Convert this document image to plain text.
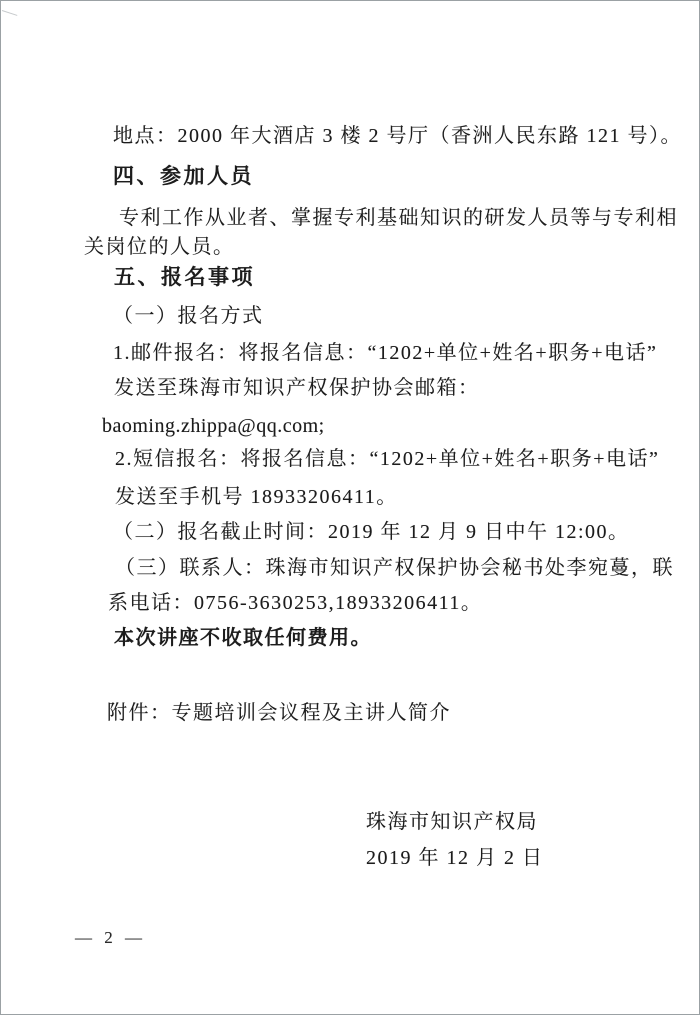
地点：2000 年大酒店 3 楼 2 号厅（香洲人民东路 121 号）。
四、参加人员
专利工作从业者、掌握专利基础知识的研发人员等与专利相
关岗位的人员。
五、报名事项
（一）报名方式
1.邮件报名：将报名信息：“1202+单位+姓名+职务+电话”
发送至珠海市知识产权保护协会邮箱：
baoming.zhippa@qq.com;
2.短信报名：将报名信息：“1202+单位+姓名+职务+电话”
发送至手机号 18933206411。
（二）报名截止时间：2019 年 12 月 9 日中午 12:00。
（三）联系人：珠海市知识产权保护协会秘书处李宛蔓，联
系电话：0756-3630253,18933206411。
本次讲座不收取任何费用。
附件：专题培训会议程及主讲人简介
珠海市知识产权局
2019 年 12 月 2 日
— 2 —
